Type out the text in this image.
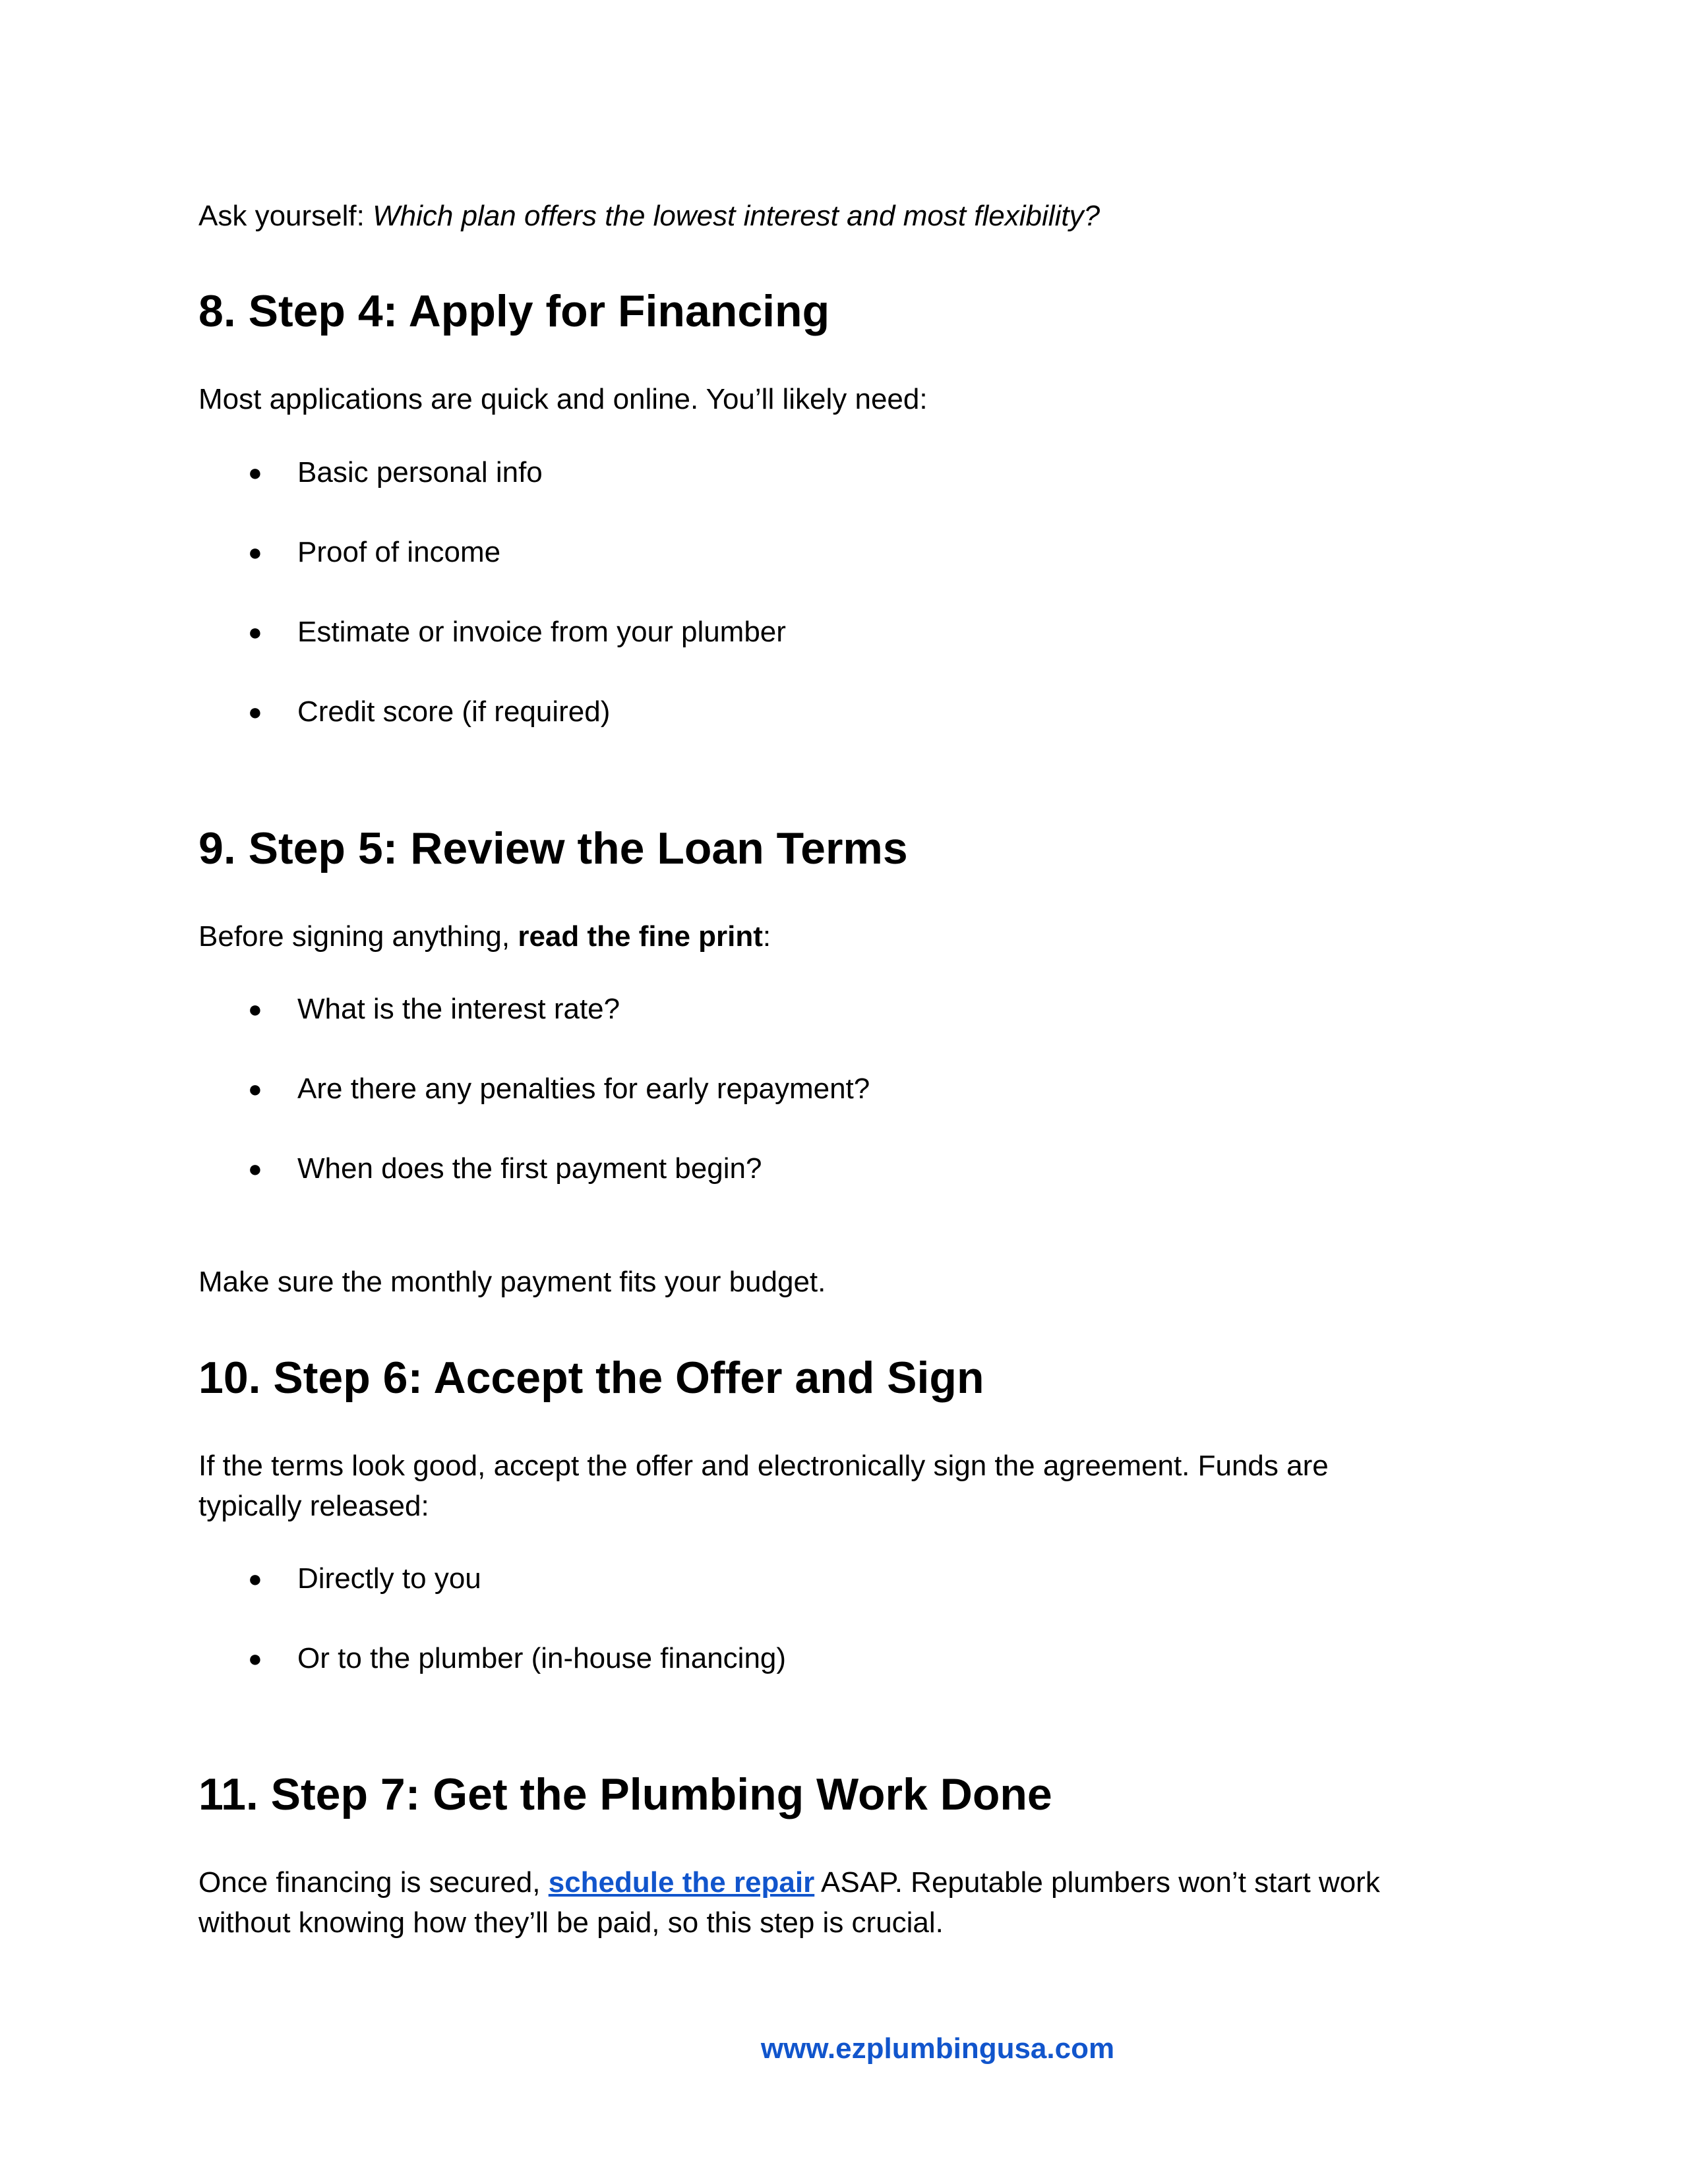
Ask yourself: Which plan offers the lowest interest and most flexibility?

8. Step 4: Apply for Financing

Most applications are quick and online. You’ll likely need:

● Basic personal info
● Proof of income
● Estimate or invoice from your plumber
● Credit score (if required)
9. Step 5: Review the Loan Terms

Before signing anything, read the fine print:

● What is the interest rate?
● Are there any penalties for early repayment?
● When does the first payment begin?

Make sure the monthly payment fits your budget.

10. Step 6: Accept the Offer and Sign

If the terms look good, accept the offer and electronically sign the agreement. Funds are

typically released:

● Directly to you
● Or to the plumber (in-house financing)
11. Step 7: Get the Plumbing Work Done

Once financing is secured, schedule the repair ASAP. Reputable plumbers won’t start work

without knowing how they’ll be paid, so this step is crucial.

www.ezplumbingusa.com
